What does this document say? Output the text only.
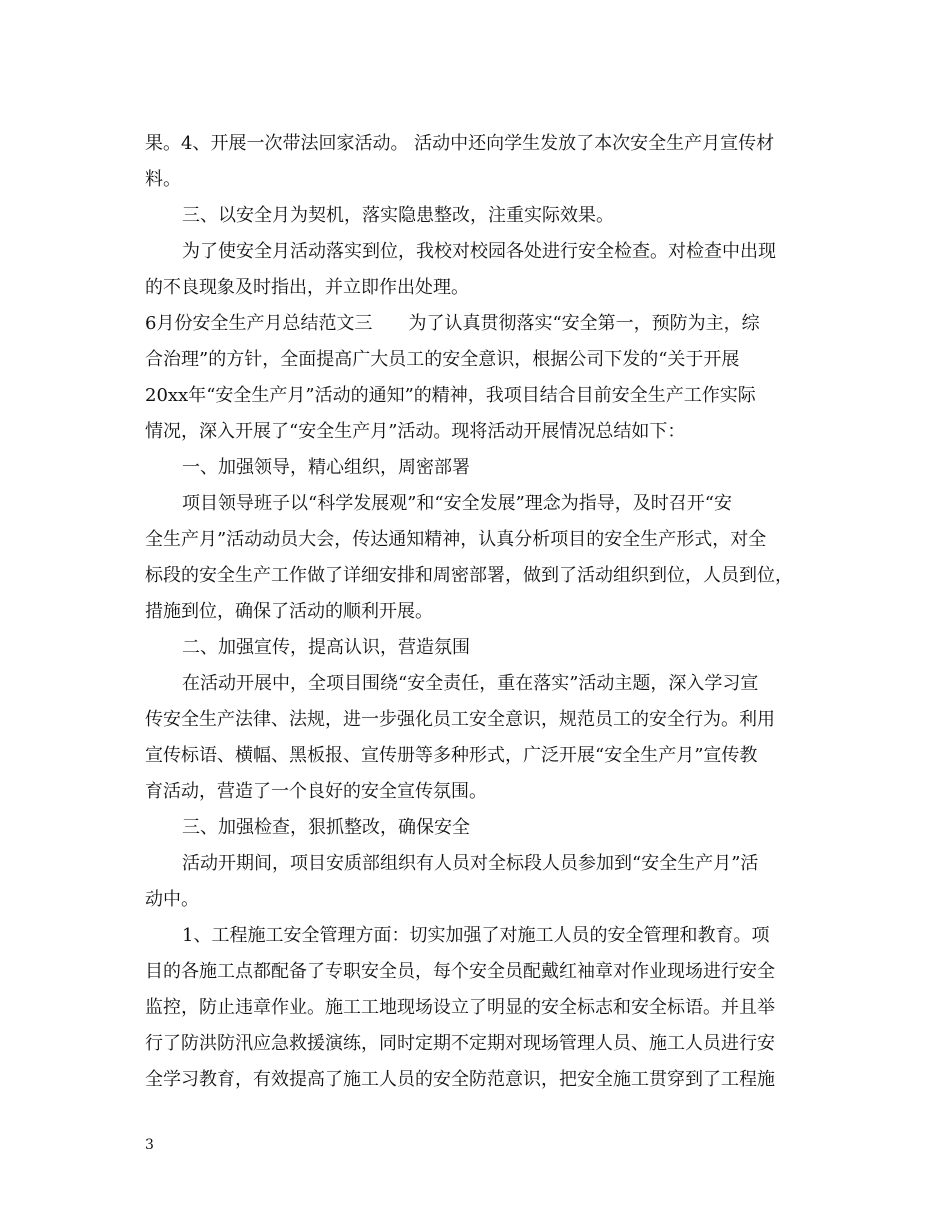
果。4、开展一次带法回家活动。 活动中还向学生发放了本次安全生产月宣传材
料。
三、以安全月为契机，落实隐患整改，注重实际效果。
为了使安全月活动落实到位，我校对校园各处进行安全检查。对检查中出现
的不良现象及时指出，并立即作出处理。
6月份安全生产月总结范文三　　为了认真贯彻落实“安全第一，预防为主，综
合治理”的方针，全面提高广大员工的安全意识，根据公司下发的“关于开展
20xx年“安全生产月”活动的通知”的精神，我项目结合目前安全生产工作实际
情况，深入开展了“安全生产月”活动。现将活动开展情况总结如下：
一、加强领导，精心组织，周密部署
项目领导班子以“科学发展观”和“安全发展”理念为指导，及时召开“安
全生产月”活动动员大会，传达通知精神，认真分析项目的安全生产形式，对全
标段的安全生产工作做了详细安排和周密部署，做到了活动组织到位，人员到位，
措施到位，确保了活动的顺利开展。
二、加强宣传，提高认识，营造氛围
在活动开展中，全项目围绕“安全责任，重在落实”活动主题，深入学习宣
传安全生产法律、法规，进一步强化员工安全意识，规范员工的安全行为。利用
宣传标语、横幅、黑板报、宣传册等多种形式，广泛开展“安全生产月”宣传教
育活动，营造了一个良好的安全宣传氛围。
三、加强检查，狠抓整改，确保安全
活动开期间，项目安质部组织有人员对全标段人员参加到“安全生产月”活
动中。
1、工程施工安全管理方面：切实加强了对施工人员的安全管理和教育。项
目的各施工点都配备了专职安全员，每个安全员配戴红袖章对作业现场进行安全
监控，防止违章作业。施工工地现场设立了明显的安全标志和安全标语。并且举
行了防洪防汛应急救援演练，同时定期不定期对现场管理人员、施工人员进行安
全学习教育，有效提高了施工人员的安全防范意识，把安全施工贯穿到了工程施
3
